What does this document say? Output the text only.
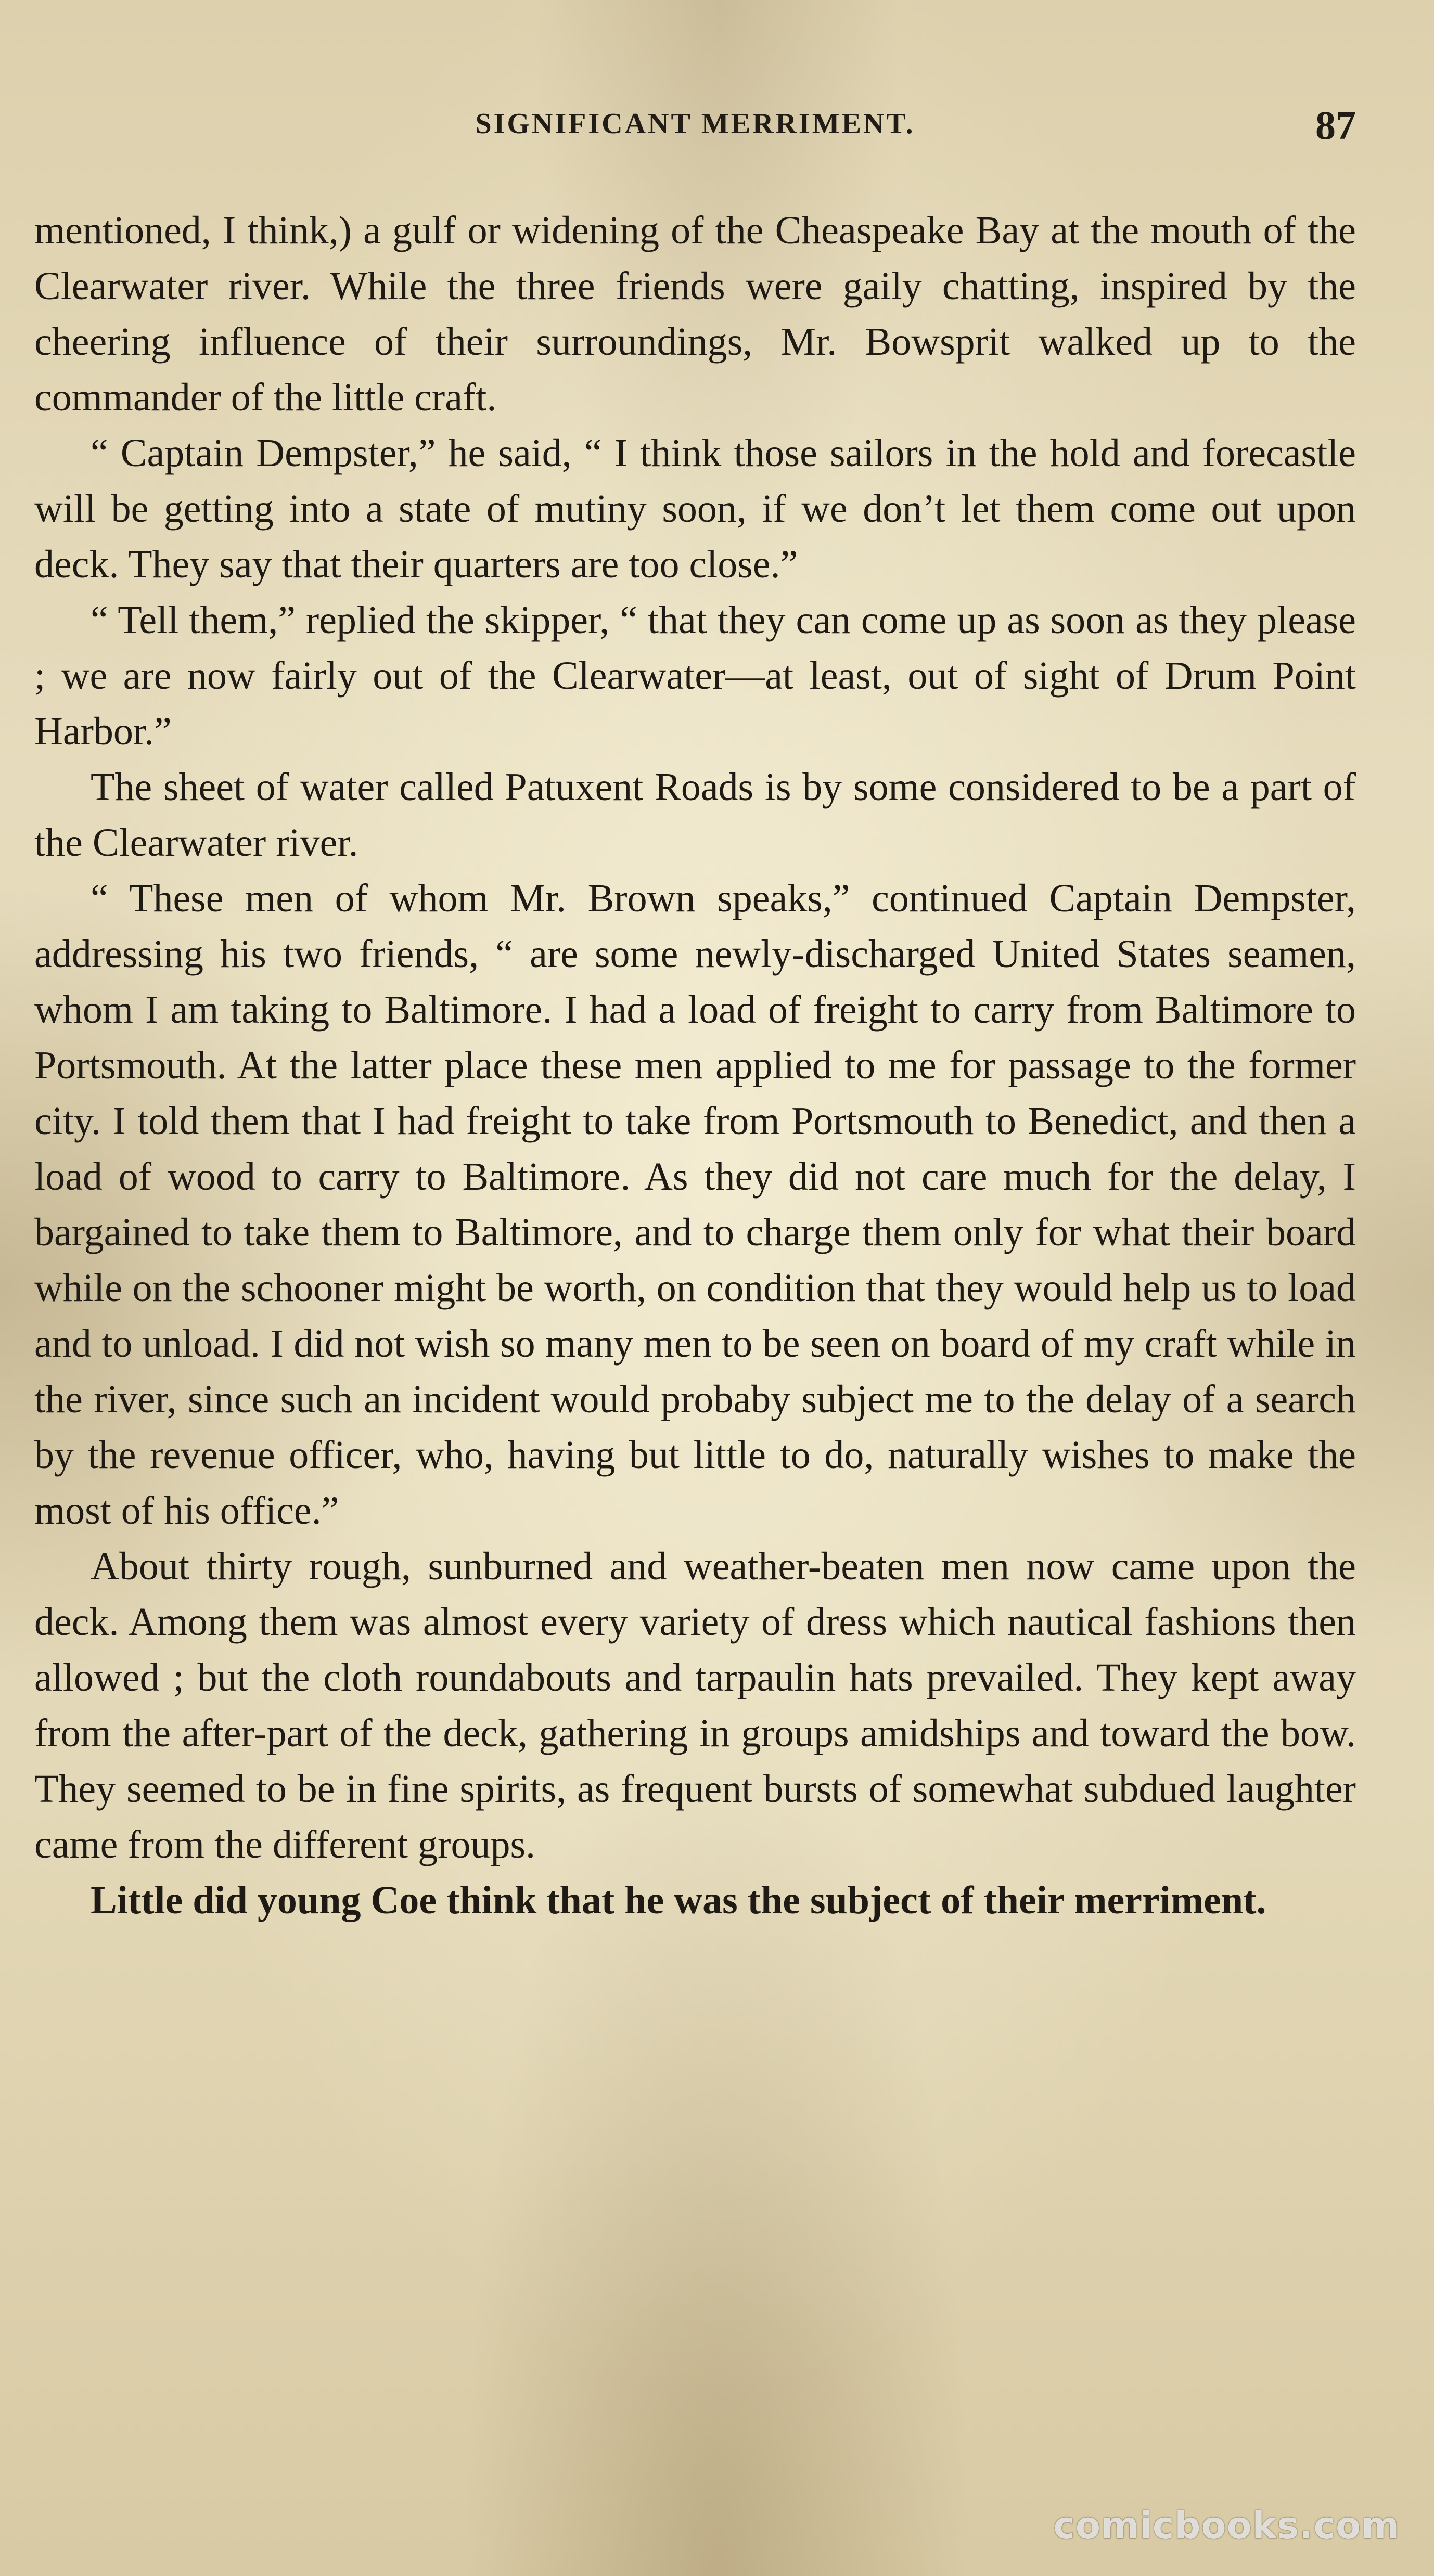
SIGNIFICANT MERRIMENT.	87

mentioned, I think,) a gulf or widening of the Cheaspeake Bay at the mouth of the Clearwater river. While the three friends were gaily chatting, inspired by the cheering influence of their surroundings, Mr. Bowsprit walked up to the commander of the little craft.

“ Captain Dempster,” he said, “ I think those sailors in the hold and forecastle will be getting into a state of mutiny soon, if we don’t let them come out upon deck. They say that their quarters are too close.”

“ Tell them,” replied the skipper, “ that they can come up as soon as they please ; we are now fairly out of the Clearwater—at least, out of sight of Drum Point Harbor.”

The sheet of water called Patuxent Roads is by some considered to be a part of the Clearwater river.

“ These men of whom Mr. Brown speaks,” continued Captain Dempster, addressing his two friends, “ are some newly-discharged United States seamen, whom I am taking to Baltimore. I had a load of freight to carry from Baltimore to Portsmouth. At the latter place these men applied to me for passage to the former city. I told them that I had freight to take from Portsmouth to Benedict, and then a load of wood to carry to Baltimore. As they did not care much for the delay, I bargained to take them to Baltimore, and to charge them only for what their board while on the schooner might be worth, on condition that they would help us to load and to unload. I did not wish so many men to be seen on board of my craft while in the river, since such an incident would probaby subject me to the delay of a search by the revenue officer, who, having but little to do, naturally wishes to make the most of his office.”

About thirty rough, sunburned and weather-beaten men now came upon the deck. Among them was almost every variety of dress which nautical fashions then allowed ; but the cloth roundabouts and tarpaulin hats prevailed. They kept away from the after-part of the deck, gathering in groups amidships and toward the bow. They seemed to be in fine spirits, as frequent bursts of somewhat subdued laughter came from the different groups.

Little did young Coe think that he was the subject of their merriment.

comicbooks.com
